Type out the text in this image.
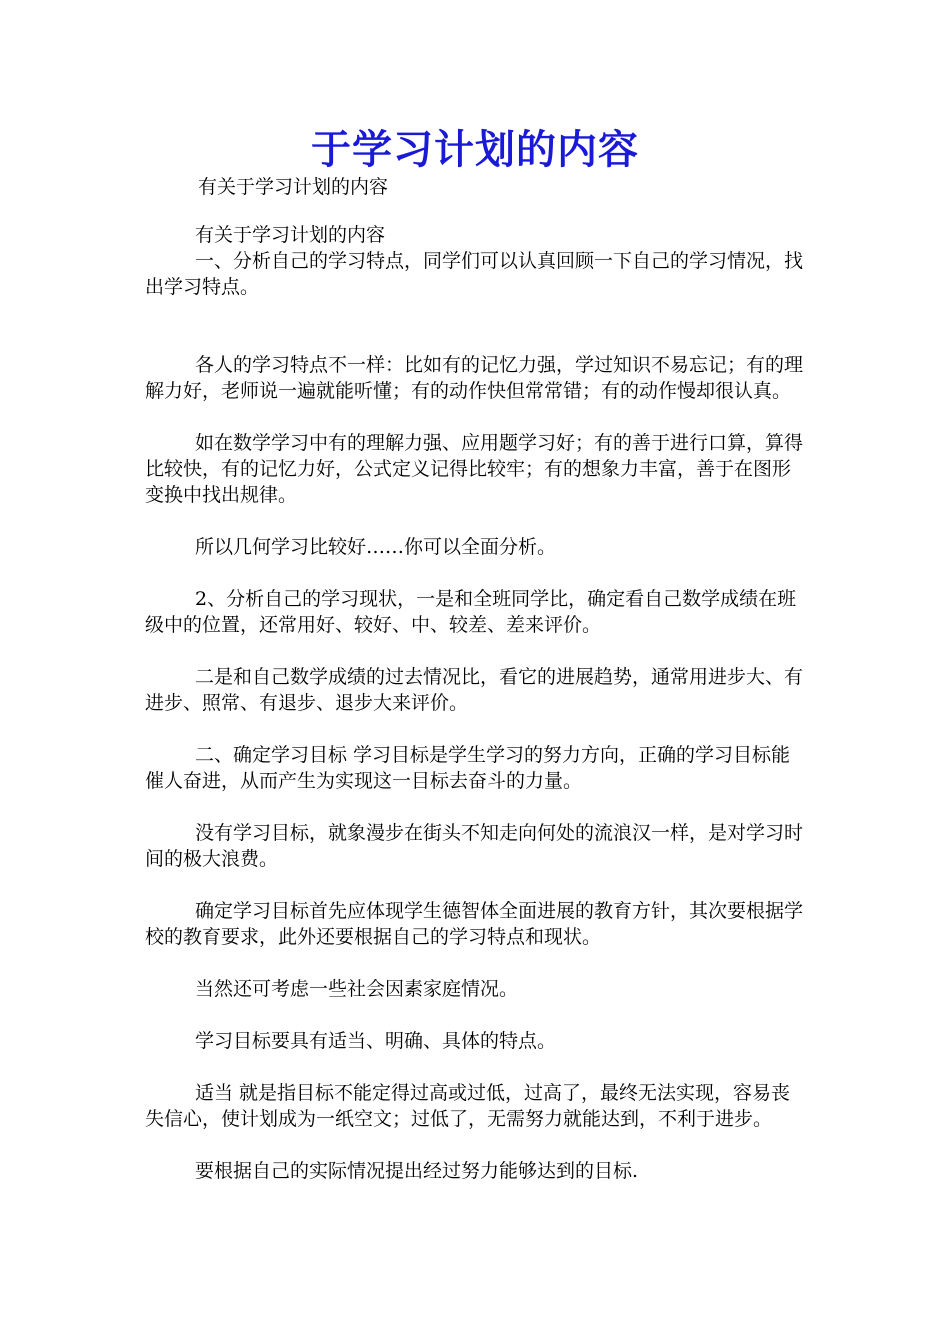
于学习计划的内容
有关于学习计划的内容

有关于学习计划的内容

一、分析自己的学习特点，同学们可以认真回顾一下自己的学习情况，找出学习特点。

各人的学习特点不一样：比如有的记忆力强，学过知识不易忘记；有的理解力好，老师说一遍就能听懂；有的动作快但常常错；有的动作慢却很认真。

如在数学学习中有的理解力强、应用题学习好；有的善于进行口算，算得比较快，有的记忆力好，公式定义记得比较牢；有的想象力丰富，善于在图形变换中找出规律。

所以几何学习比较好……你可以全面分析。

2、分析自己的学习现状，一是和全班同学比，确定看自己数学成绩在班级中的位置，还常用好、较好、中、较差、差来评价。

二是和自己数学成绩的过去情况比，看它的进展趋势，通常用进步大、有进步、照常、有退步、退步大来评价。

二、确定学习目标 学习目标是学生学习的努力方向，正确的学习目标能催人奋进，从而产生为实现这一目标去奋斗的力量。

没有学习目标，就象漫步在街头不知走向何处的流浪汉一样，是对学习时间的极大浪费。

确定学习目标首先应体现学生德智体全面进展的教育方针，其次要根据学校的教育要求，此外还要根据自己的学习特点和现状。

当然还可考虑一些社会因素家庭情况。

学习目标要具有适当、明确、具体的特点。

适当 就是指目标不能定得过高或过低，过高了，最终无法实现，容易丧失信心，使计划成为一纸空文；过低了，无需努力就能达到，不利于进步。

要根据自己的实际情况提出经过努力能够达到的目标.
